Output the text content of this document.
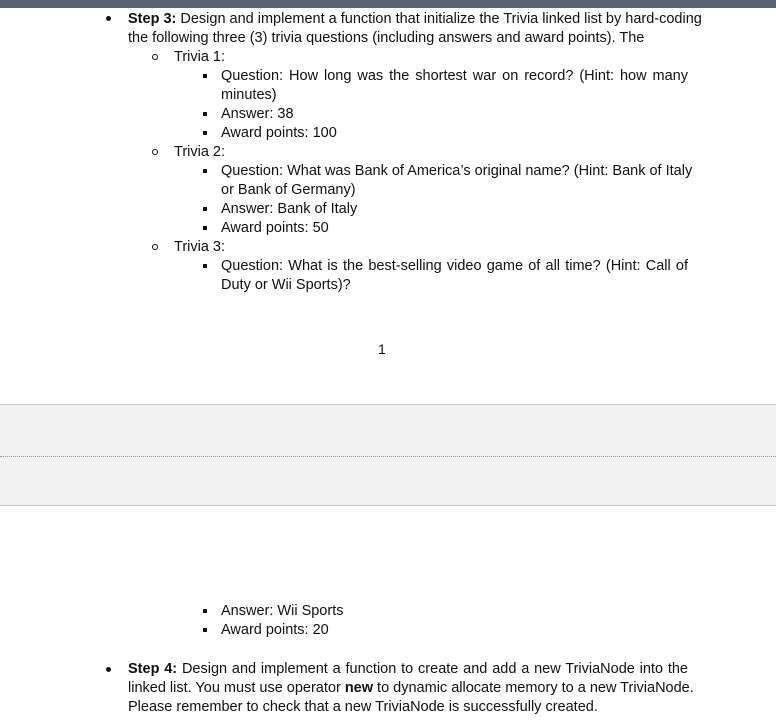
Step 3: Design and implement a function that initialize the Trivia linked list by hard-coding
the following three (3) trivia questions (including answers and award points). The
Trivia 1:
Question: How long was the shortest war on record? (Hint: how many
minutes)
Answer: 38
Award points: 100
Trivia 2:
Question: What was Bank of America’s original name? (Hint: Bank of Italy
or Bank of Germany)
Answer: Bank of Italy
Award points: 50
Trivia 3:
Question: What is the best-selling video game of all time? (Hint: Call of
Duty or Wii Sports)?
1
Answer: Wii Sports
Award points: 20
Step 4: Design and implement a function to create and add a new TriviaNode into the
linked list. You must use operator new to dynamic allocate memory to a new TriviaNode.
Please remember to check that a new TriviaNode is successfully created.
